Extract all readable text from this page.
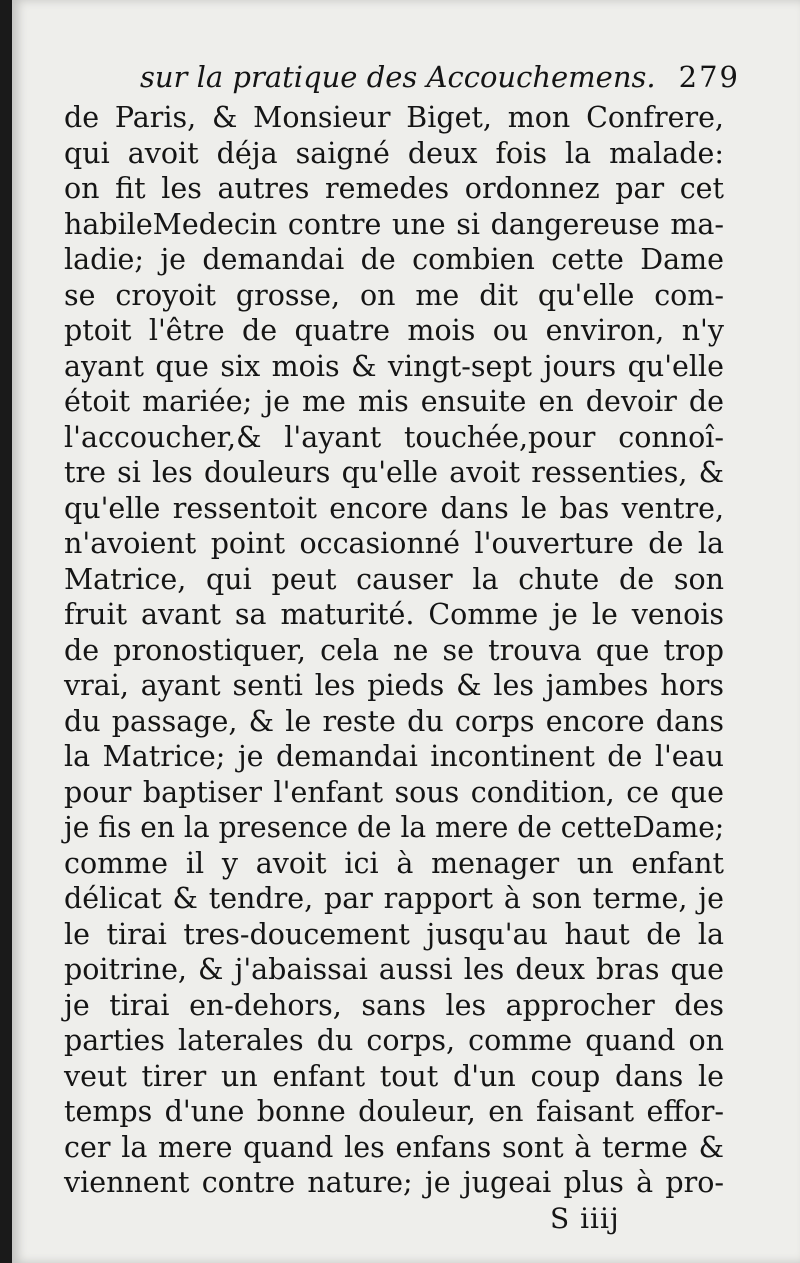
sur la pratique des Accouchemens. 279
de Paris, & Monsieur Biget, mon Confrere,
qui avoit déja saigné deux fois la malade:
on fit les autres remedes ordonnez par cet
habileMedecin contre une si dangereuse ma-
ladie; je demandai de combien cette Dame
se croyoit grosse, on me dit qu'elle com-
ptoit l'être de quatre mois ou environ, n'y
ayant que six mois & vingt-sept jours qu'elle
étoit mariée; je me mis ensuite en devoir de
l'accoucher,& l'ayant touchée,pour connoî-
tre si les douleurs qu'elle avoit ressenties, &
qu'elle ressentoit encore dans le bas ventre,
n'avoient point occasionné l'ouverture de la
Matrice, qui peut causer la chute de son
fruit avant sa maturité. Comme je le venois
de pronostiquer, cela ne se trouva que trop
vrai, ayant senti les pieds & les jambes hors
du passage, & le reste du corps encore dans
la Matrice; je demandai incontinent de l'eau
pour baptiser l'enfant sous condition, ce que
je fis en la presence de la mere de cetteDame;
comme il y avoit ici à menager un enfant
délicat & tendre, par rapport à son terme, je
le tirai tres-doucement jusqu'au haut de la
poitrine, & j'abaissai aussi les deux bras que
je tirai en-dehors, sans les approcher des
parties laterales du corps, comme quand on
veut tirer un enfant tout d'un coup dans le
temps d'une bonne douleur, en faisant effor-
cer la mere quand les enfans sont à terme &
viennent contre nature; je jugeai plus à pro-
S iiij
